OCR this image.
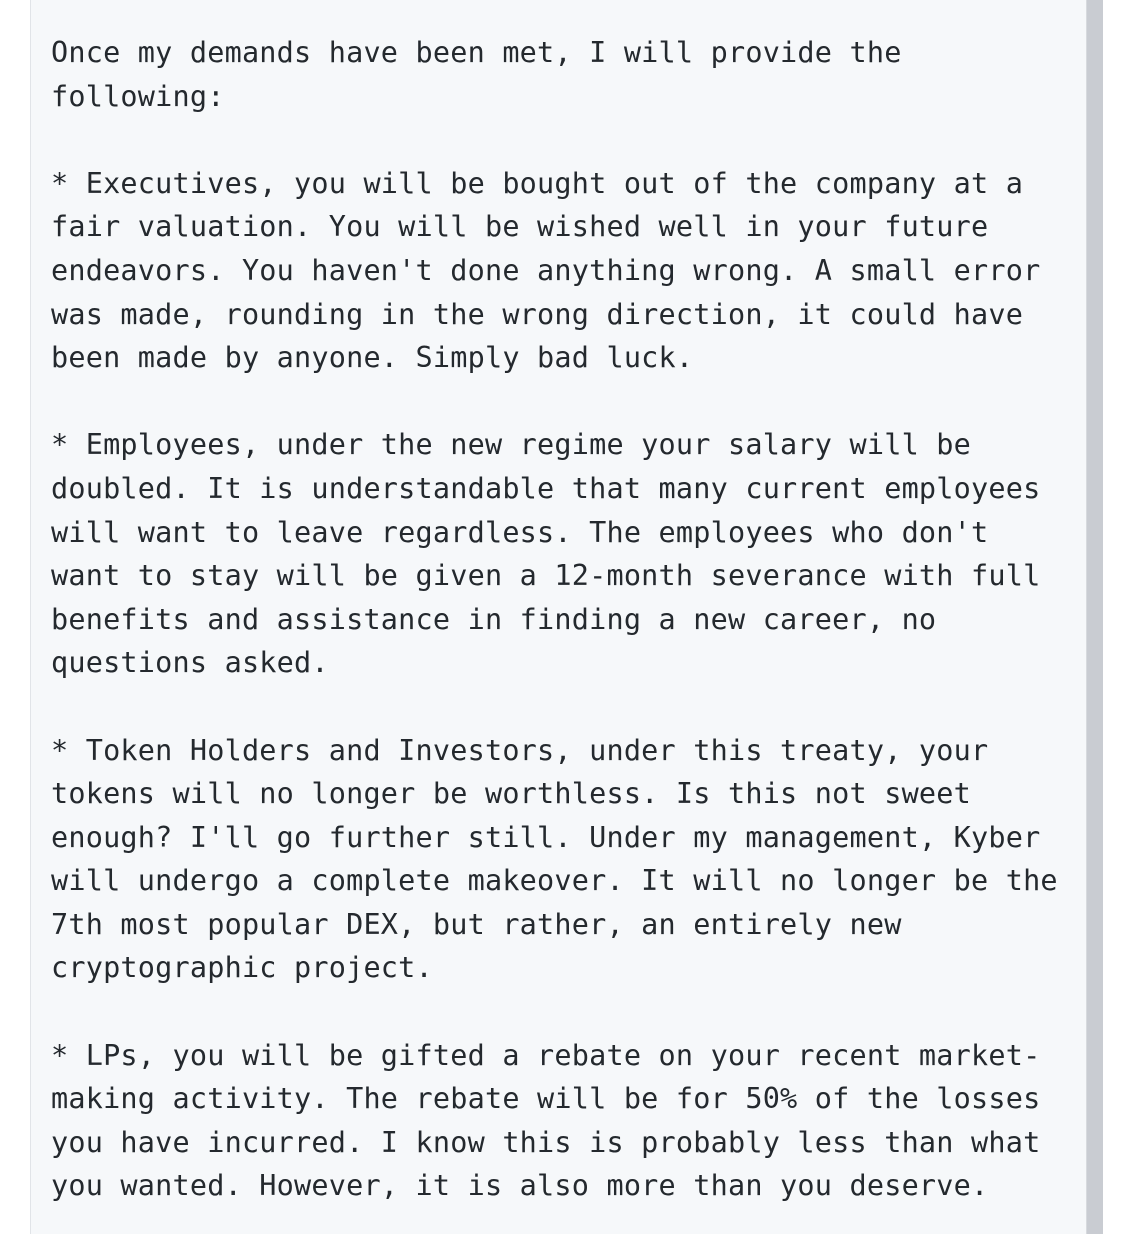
Once my demands have been met, I will provide the
following:

* Executives, you will be bought out of the company at a
fair valuation. You will be wished well in your future
endeavors. You haven't done anything wrong. A small error
was made, rounding in the wrong direction, it could have
been made by anyone. Simply bad luck.

* Employees, under the new regime your salary will be
doubled. It is understandable that many current employees
will want to leave regardless. The employees who don't
want to stay will be given a 12-month severance with full
benefits and assistance in finding a new career, no
questions asked.

* Token Holders and Investors, under this treaty, your
tokens will no longer be worthless. Is this not sweet
enough? I'll go further still. Under my management, Kyber
will undergo a complete makeover. It will no longer be the
7th most popular DEX, but rather, an entirely new
cryptographic project.

* LPs, you will be gifted a rebate on your recent market-
making activity. The rebate will be for 50% of the losses
you have incurred. I know this is probably less than what
you wanted. However, it is also more than you deserve.
